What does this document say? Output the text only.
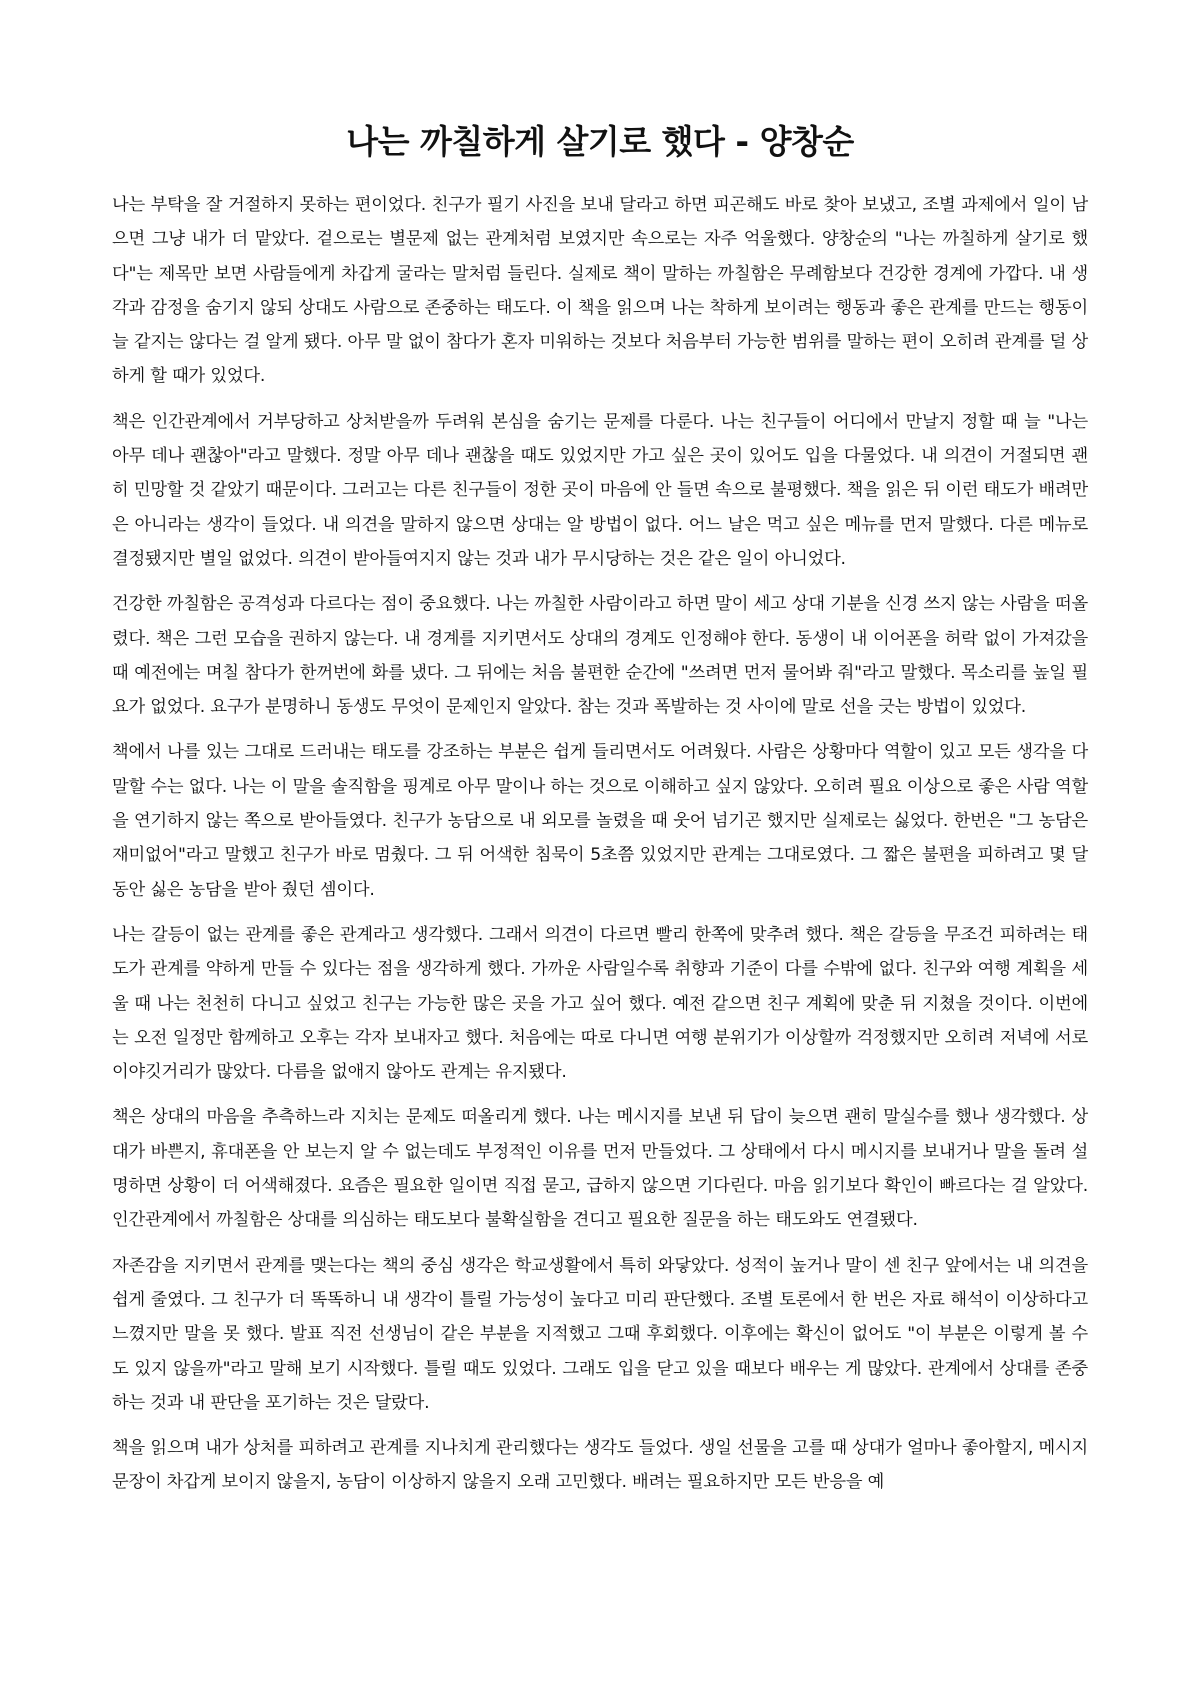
나는 까칠하게 살기로 했다 - 양창순

나는 부탁을 잘 거절하지 못하는 편이었다. 친구가 필기 사진을 보내 달라고 하면 피곤해도 바로 찾아 보냈고, 조별 과제에서 일이 남으면 그냥 내가 더 맡았다. 겉으로는 별문제 없는 관계처럼 보였지만 속으로는 자주 억울했다. 양창순의 "나는 까칠하게 살기로 했다"는 제목만 보면 사람들에게 차갑게 굴라는 말처럼 들린다. 실제로 책이 말하는 까칠함은 무례함보다 건강한 경계에 가깝다. 내 생각과 감정을 숨기지 않되 상대도 사람으로 존중하는 태도다. 이 책을 읽으며 나는 착하게 보이려는 행동과 좋은 관계를 만드는 행동이 늘 같지는 않다는 걸 알게 됐다. 아무 말 없이 참다가 혼자 미워하는 것보다 처음부터 가능한 범위를 말하는 편이 오히려 관계를 덜 상하게 할 때가 있었다.

책은 인간관계에서 거부당하고 상처받을까 두려워 본심을 숨기는 문제를 다룬다. 나는 친구들이 어디에서 만날지 정할 때 늘 "나는 아무 데나 괜찮아"라고 말했다. 정말 아무 데나 괜찮을 때도 있었지만 가고 싶은 곳이 있어도 입을 다물었다. 내 의견이 거절되면 괜히 민망할 것 같았기 때문이다. 그러고는 다른 친구들이 정한 곳이 마음에 안 들면 속으로 불평했다. 책을 읽은 뒤 이런 태도가 배려만은 아니라는 생각이 들었다. 내 의견을 말하지 않으면 상대는 알 방법이 없다. 어느 날은 먹고 싶은 메뉴를 먼저 말했다. 다른 메뉴로 결정됐지만 별일 없었다. 의견이 받아들여지지 않는 것과 내가 무시당하는 것은 같은 일이 아니었다.

건강한 까칠함은 공격성과 다르다는 점이 중요했다. 나는 까칠한 사람이라고 하면 말이 세고 상대 기분을 신경 쓰지 않는 사람을 떠올렸다. 책은 그런 모습을 권하지 않는다. 내 경계를 지키면서도 상대의 경계도 인정해야 한다. 동생이 내 이어폰을 허락 없이 가져갔을 때 예전에는 며칠 참다가 한꺼번에 화를 냈다. 그 뒤에는 처음 불편한 순간에 "쓰려면 먼저 물어봐 줘"라고 말했다. 목소리를 높일 필요가 없었다. 요구가 분명하니 동생도 무엇이 문제인지 알았다. 참는 것과 폭발하는 것 사이에 말로 선을 긋는 방법이 있었다.

책에서 나를 있는 그대로 드러내는 태도를 강조하는 부분은 쉽게 들리면서도 어려웠다. 사람은 상황마다 역할이 있고 모든 생각을 다 말할 수는 없다. 나는 이 말을 솔직함을 핑계로 아무 말이나 하는 것으로 이해하고 싶지 않았다. 오히려 필요 이상으로 좋은 사람 역할을 연기하지 않는 쪽으로 받아들였다. 친구가 농담으로 내 외모를 놀렸을 때 웃어 넘기곤 했지만 실제로는 싫었다. 한번은 "그 농담은 재미없어"라고 말했고 친구가 바로 멈췄다. 그 뒤 어색한 침묵이 5초쯤 있었지만 관계는 그대로였다. 그 짧은 불편을 피하려고 몇 달 동안 싫은 농담을 받아 줬던 셈이다.

나는 갈등이 없는 관계를 좋은 관계라고 생각했다. 그래서 의견이 다르면 빨리 한쪽에 맞추려 했다. 책은 갈등을 무조건 피하려는 태도가 관계를 약하게 만들 수 있다는 점을 생각하게 했다. 가까운 사람일수록 취향과 기준이 다를 수밖에 없다. 친구와 여행 계획을 세울 때 나는 천천히 다니고 싶었고 친구는 가능한 많은 곳을 가고 싶어 했다. 예전 같으면 친구 계획에 맞춘 뒤 지쳤을 것이다. 이번에는 오전 일정만 함께하고 오후는 각자 보내자고 했다. 처음에는 따로 다니면 여행 분위기가 이상할까 걱정했지만 오히려 저녁에 서로 이야깃거리가 많았다. 다름을 없애지 않아도 관계는 유지됐다.

책은 상대의 마음을 추측하느라 지치는 문제도 떠올리게 했다. 나는 메시지를 보낸 뒤 답이 늦으면 괜히 말실수를 했나 생각했다. 상대가 바쁜지, 휴대폰을 안 보는지 알 수 없는데도 부정적인 이유를 먼저 만들었다. 그 상태에서 다시 메시지를 보내거나 말을 돌려 설명하면 상황이 더 어색해졌다. 요즘은 필요한 일이면 직접 묻고, 급하지 않으면 기다린다. 마음 읽기보다 확인이 빠르다는 걸 알았다. 인간관계에서 까칠함은 상대를 의심하는 태도보다 불확실함을 견디고 필요한 질문을 하는 태도와도 연결됐다.

자존감을 지키면서 관계를 맺는다는 책의 중심 생각은 학교생활에서 특히 와닿았다. 성적이 높거나 말이 센 친구 앞에서는 내 의견을 쉽게 줄였다. 그 친구가 더 똑똑하니 내 생각이 틀릴 가능성이 높다고 미리 판단했다. 조별 토론에서 한 번은 자료 해석이 이상하다고 느꼈지만 말을 못 했다. 발표 직전 선생님이 같은 부분을 지적했고 그때 후회했다. 이후에는 확신이 없어도 "이 부분은 이렇게 볼 수도 있지 않을까"라고 말해 보기 시작했다. 틀릴 때도 있었다. 그래도 입을 닫고 있을 때보다 배우는 게 많았다. 관계에서 상대를 존중하는 것과 내 판단을 포기하는 것은 달랐다.

책을 읽으며 내가 상처를 피하려고 관계를 지나치게 관리했다는 생각도 들었다. 생일 선물을 고를 때 상대가 얼마나 좋아할지, 메시지 문장이 차갑게 보이지 않을지, 농담이 이상하지 않을지 오래 고민했다. 배려는 필요하지만 모든 반응을 예
